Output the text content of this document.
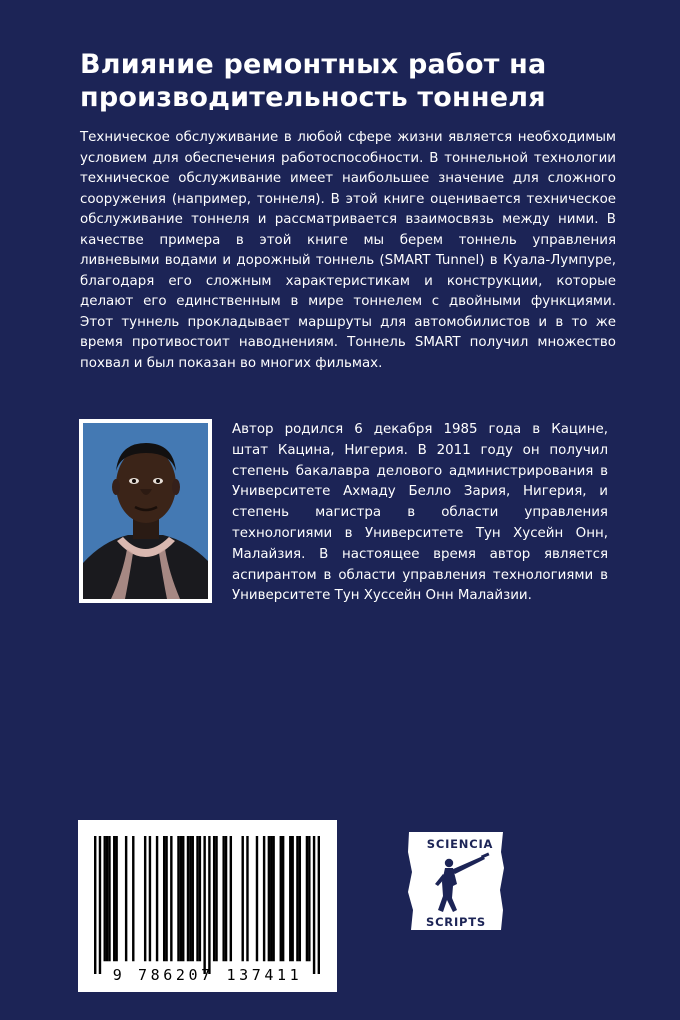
Влияние ремонтных работ на
производительность тоннеля
Техническое обслуживание в любой сфере жизни является необходимым
условием для обеспечения работоспособности. В тоннельной технологии
техническое обслуживание имеет наибольшее значение для сложного
сооружения (например, тоннеля). В этой книге оценивается техническое
обслуживание тоннеля и рассматривается взаимосвязь между ними. В
качестве примера в этой книге мы берем тоннель управления
ливневыми водами и дорожный тоннель (SMART Tunnel) в Куала-Лумпуре,
благодаря его сложным характеристикам и конструкции, которые
делают его единственным в мире тоннелем с двойными функциями.
Этот туннель прокладывает маршруты для автомобилистов и в то же
время противостоит наводнениям. Тоннель SMART получил множество
похвал и был показан во многих фильмах.
Автор родился 6 декабря 1985 года в Кацине,
штат Кацина, Нигерия. В 2011 году он получил
степень бакалавра делового администрирования в
Университете Ахмаду Белло Зария, Нигерия, и
степень магистра в области управления
технологиями в Университете Тун Хусейн Онн,
Малайзия. В настоящее время автор является
аспирантом в области управления технологиями в
Университете Тун Хуссейн Онн Малайзии.
9 786207 137411
SCIENCIA
SCRIPTS
